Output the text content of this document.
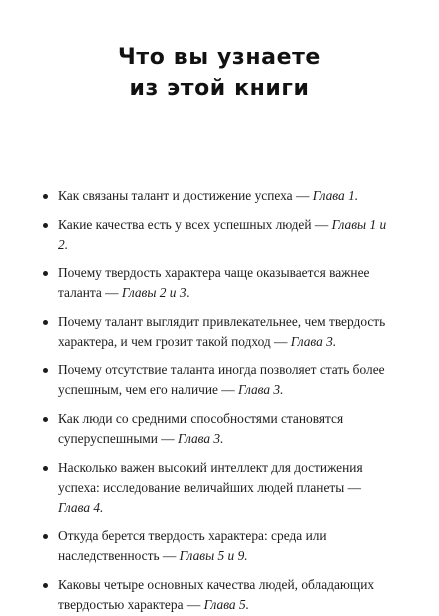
Что вы узнаете
из этой книги
Как связаны талант и достижение успеха — Глава 1.
Какие качества есть у всех успешных людей — Главы 1 и 2.
Почему твердость характера чаще оказывается важнее таланта — Главы 2 и 3.
Почему талант выглядит привлекательнее, чем твердость характера, и чем грозит такой подход — Глава 3.
Почему отсутствие таланта иногда позволяет стать более успешным, чем его наличие — Глава 3.
Как люди со средними способностями становятся суперуспешными — Глава 3.
Насколько важен высокий интеллект для достижения успеха: исследование величайших людей планеты — Глава 4.
Откуда берется твердость характера: среда или наследственность — Главы 5 и 9.
Каковы четыре основных качества людей, обладающих твердостью характера — Глава 5.
